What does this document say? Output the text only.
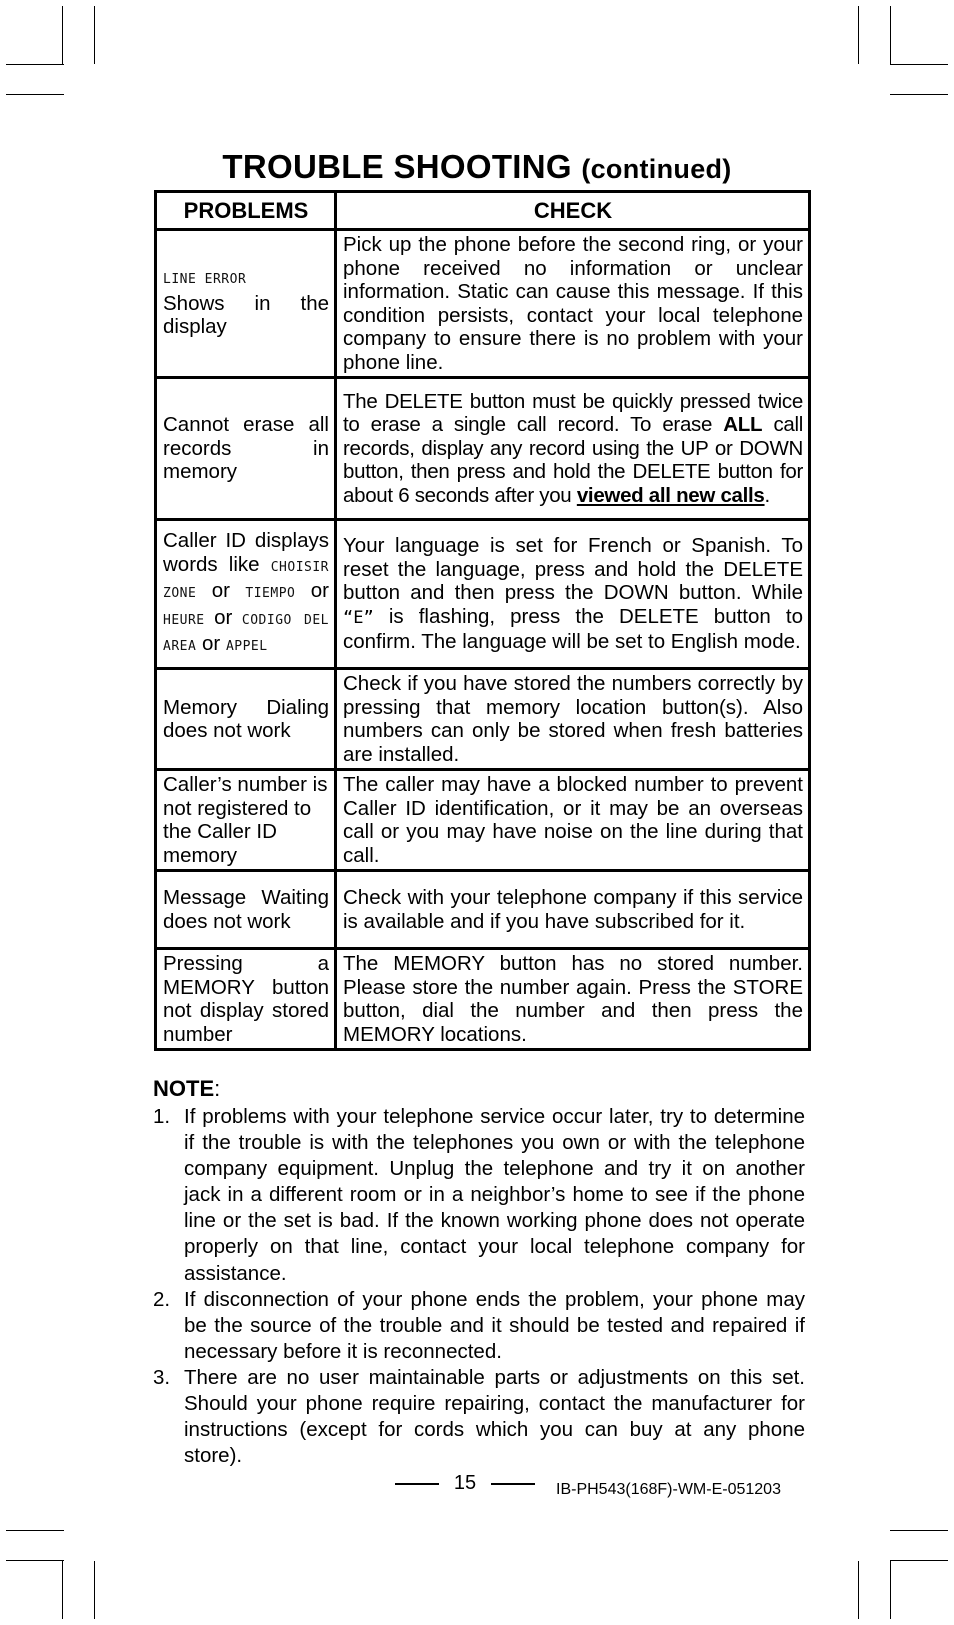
TROUBLE SHOOTING (continued)
PROBLEMS	CHECK

LINE ERROR
Shows in the display	Pick up the phone before the second ring, or your phone received no information or unclear information. Static can cause this message. If this condition persists, contact your local telephone company to ensure there is no problem with your phone line.
Cannot erase all records in memory	The DELETE button must be quickly pressed twice to erase a single call record. To erase ALL call records, display any record using the UP or DOWN button, then press and hold the DELETE button for about 6 seconds after you viewed all new calls.
Caller ID displays words like CHOISIR ZONE or TIEMPO or HEURE or CODIGO DEL AREA or APPEL	Your language is set for French or Spanish. To reset the language, press and hold the DELETE button and then press the DOWN button. While “E” is flashing, press the DELETE button to confirm. The language will be set to English mode.
Memory Dialing does not work	Check if you have stored the numbers correctly by pressing that memory location button(s). Also numbers can only be stored when fresh batteries are installed.
Caller’s number is not registered to the Caller ID memory	The caller may have a blocked number to prevent Caller ID identification, or it may be an overseas call or you may have noise on the line during that call.
Message Waiting does not work	Check with your telephone company if this service is available and if you have subscribed for it.
Pressing a MEMORY button not display stored number	The MEMORY button has no stored number. Please store the number again. Press the STORE button, dial the number and then press the MEMORY locations.
NOTE:
1. If problems with your telephone service occur later, try to determine if the trouble is with the telephones you own or with the telephone company equipment. Unplug the telephone and try it on another jack in a different room or in a neighbor’s home to see if the phone line or the set is bad. If the known working phone does not operate properly on that line, contact your local telephone company for assistance.
2. If disconnection of your phone ends the problem, your phone may be the source of the trouble and it should be tested and repaired if necessary before it is reconnected.
3. There are no user maintainable parts or adjustments on this set. Should your phone require repairing, contact the manufacturer for instructions (except for cords which you can buy at any phone store).
15	IB-PH543(168F)-WM-E-051203
